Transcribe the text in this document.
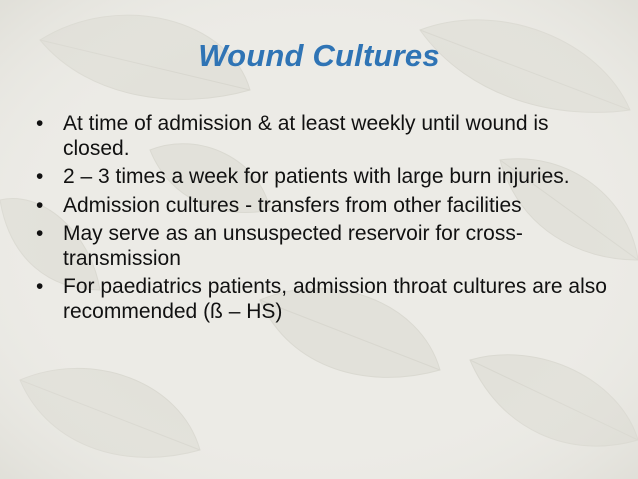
Wound Cultures
• At time of admission & at least weekly until wound is closed.
• 2 – 3 times a week for patients with large burn injuries.
• Admission cultures - transfers from other facilities
• May serve as an unsuspected reservoir for cross-transmission
• For paediatrics patients, admission throat cultures are also recommended (ß – HS)
